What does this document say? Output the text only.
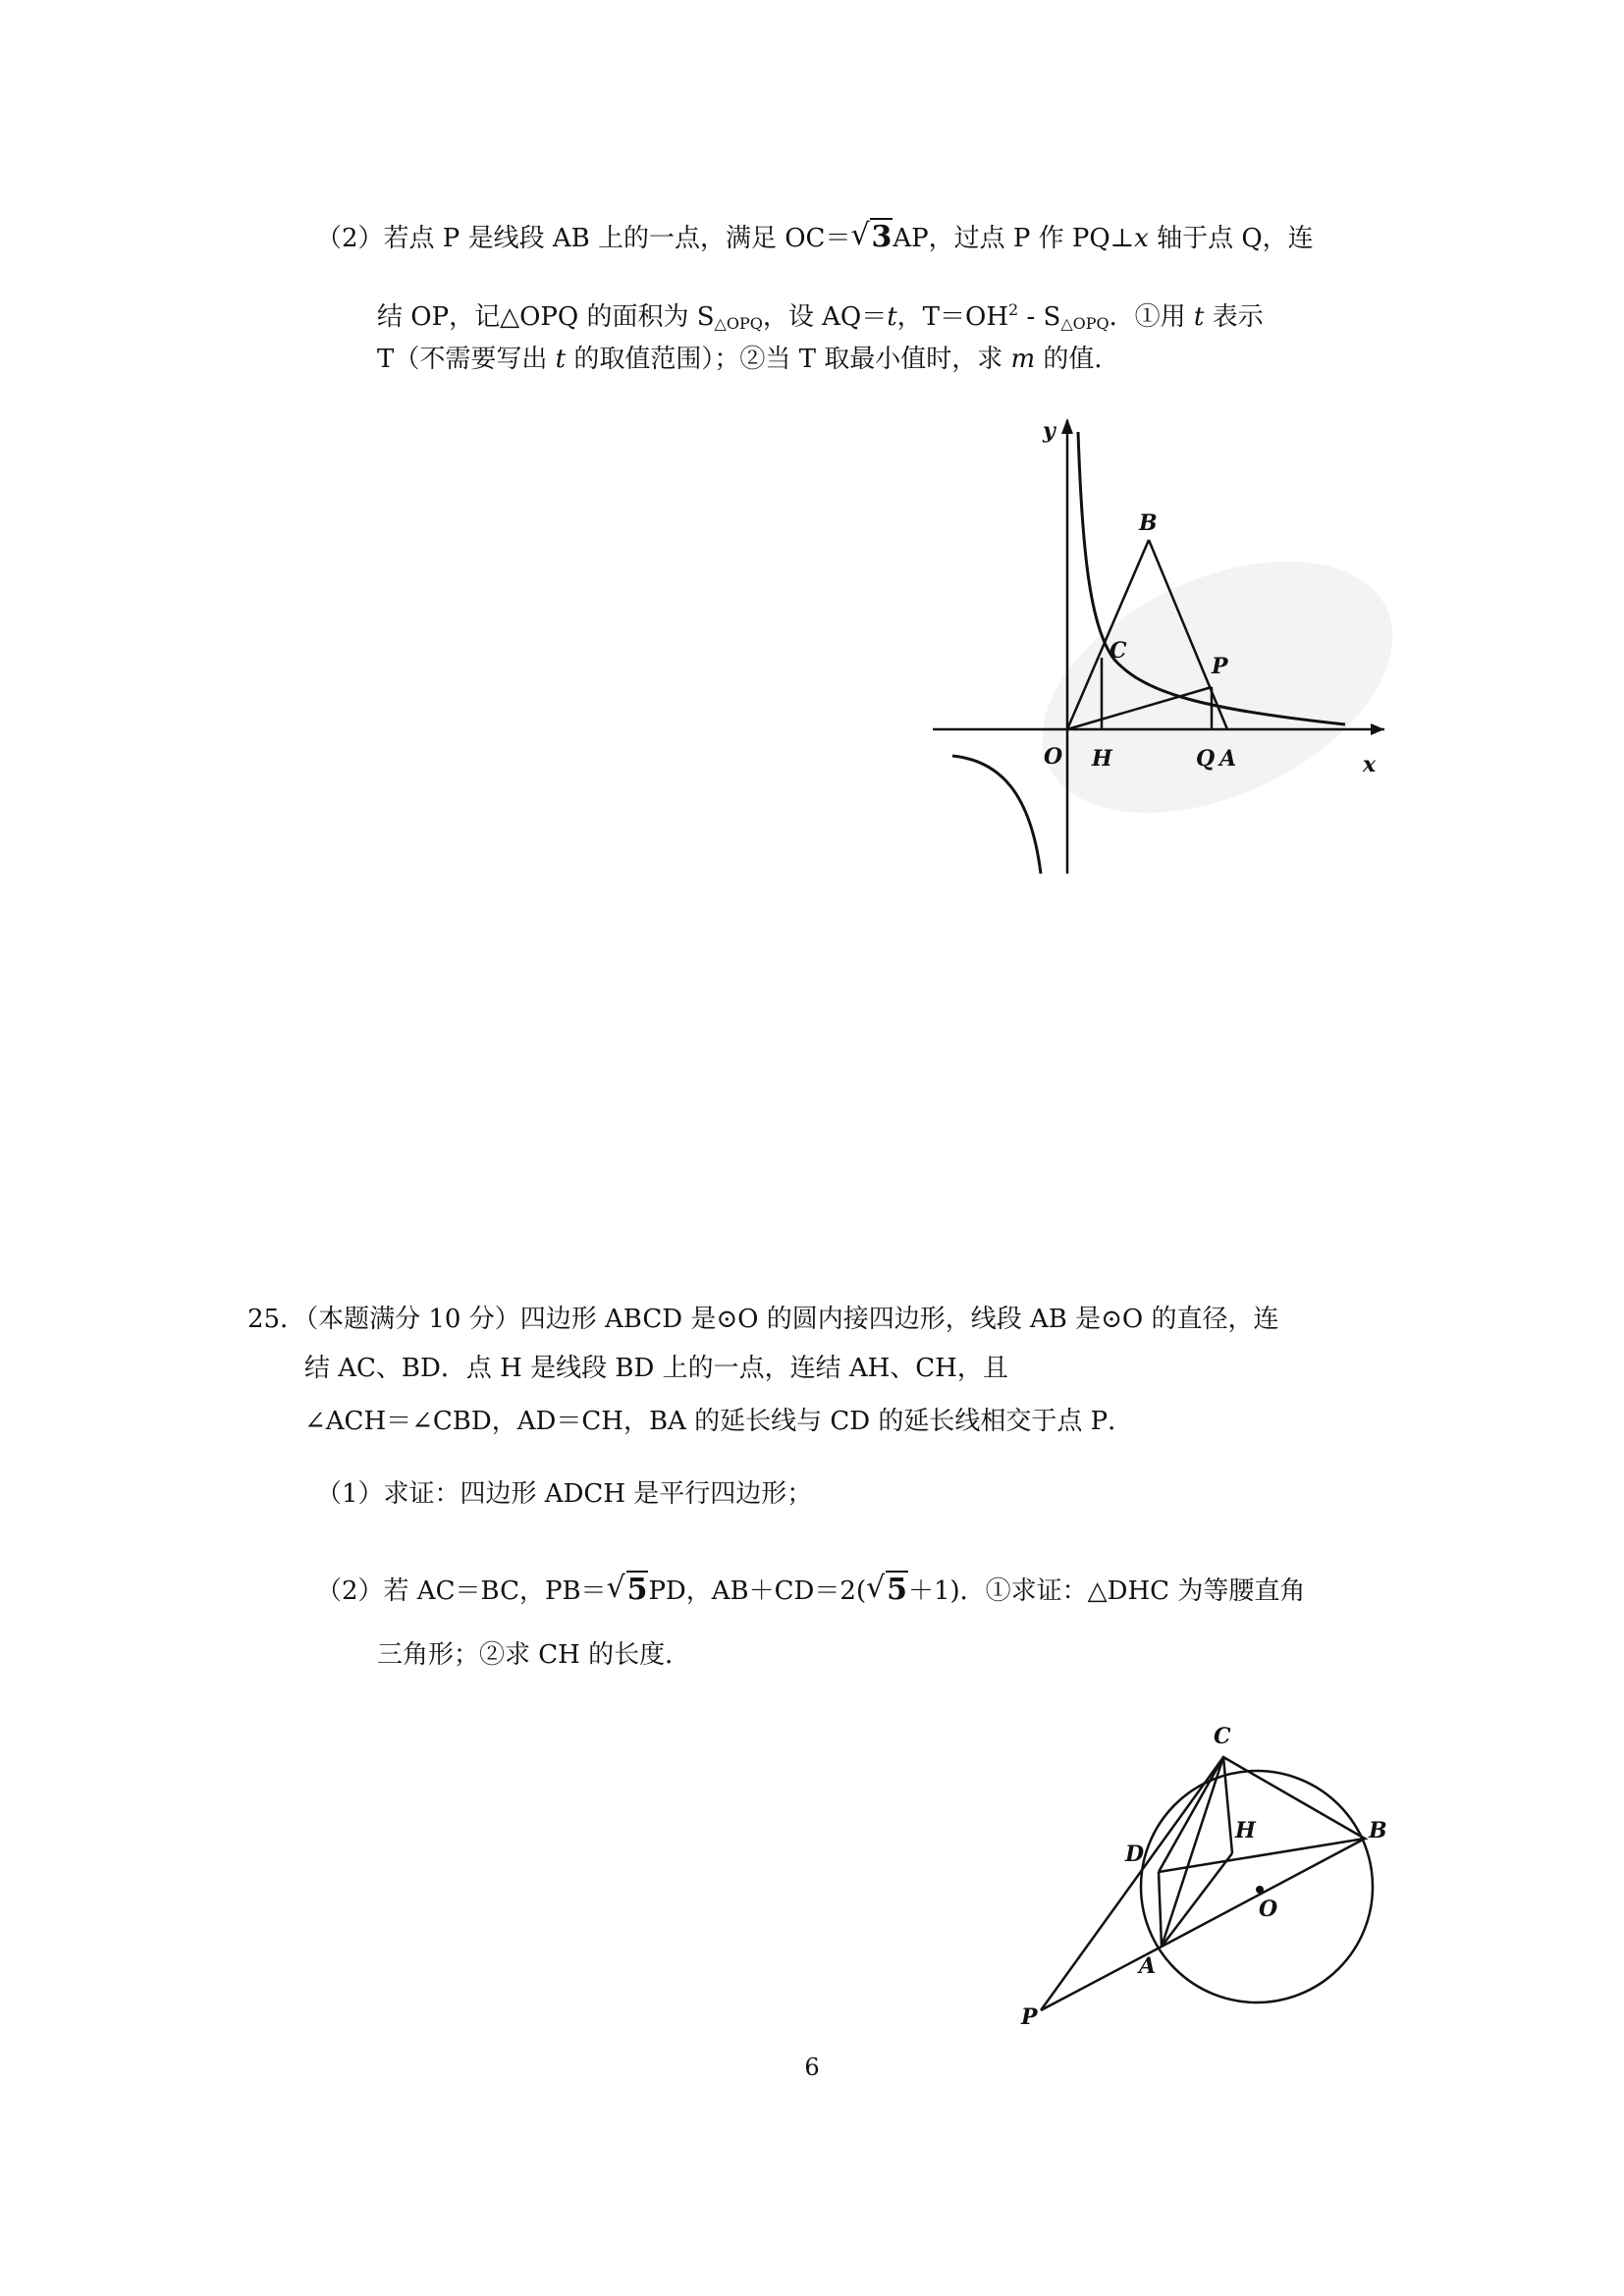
（2）若点 P 是线段 AB 上的一点，满足 OC＝ √ 3AP，过点 P 作 PQ⊥x 轴于点 Q，连
结 OP，记△OPQ 的面积为 $S_{\triangle OPQ}$，设 AQ＝t，$T=OH^2 - S_{\triangle OPQ}$．①用 t 表示
T（不需要写出 t 的取值范围）；②当 T 取最小值时，求 m 的值．
y
x
O H	Q A
B
C
P
25．（本题满分 10 分）四边形 ABCD 是⊙O 的圆内接四边形，线段 AB 是⊙O 的直径，连
结 AC、BD．点 H 是线段 BD 上的一点，连结 AH、CH，且
∠ACH＝∠CBD，AD＝CH，BA 的延长线与 CD 的延长线相交于点 P．
（1）求证：四边形 ADCH 是平行四边形；
（2）若 AC＝BC，PB＝ √ 5PD，AB＋CD＝2( √ 5＋1)．①求证：△DHC 为等腰直角
三角形；②求 CH 的长度．
C
D
H	B
O
A
P
6
